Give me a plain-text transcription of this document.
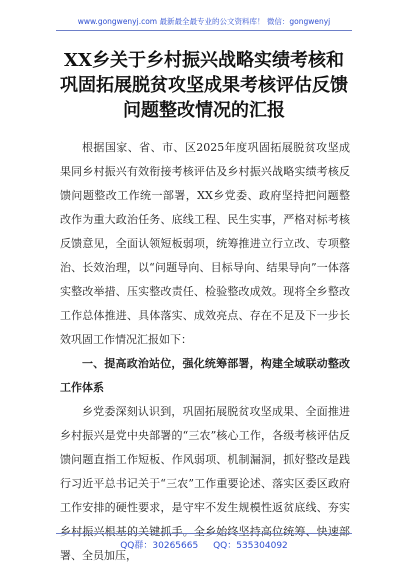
www.gongwenyj.com 最新最全最专业的公文资料库！ 微信：gongwenyj
XX乡关于乡村振兴战略实绩考核和巩固拓展脱贫攻坚成果考核评估反馈问题整改情况的汇报

根据国家、省、市、区2025年度巩固拓展脱贫攻坚成果同乡村振兴有效衔接考核评估及乡村振兴战略实绩考核反馈问题整改工作统一部署，XX乡党委、政府坚持把问题整改作为重大政治任务、底线工程、民生实事，严格对标考核反馈意见，全面认领短板弱项，统筹推进立行立改、专项整治、长效治理，以“问题导向、目标导向、结果导向”一体落实整改举措、压实整改责任、检验整改成效。现将全乡整改工作总体推进、具体落实、成效亮点、存在不足及下一步长效巩固工作情况汇报如下：

一、提高政治站位，强化统筹部署，构建全域联动整改工作体系

乡党委深刻认识到，巩固拓展脱贫攻坚成果、全面推进乡村振兴是党中央部署的“三农”核心工作，各级考核评估反馈问题直指工作短板、作风弱项、机制漏洞，抓好整改是践行习近平总书记关于“三农”工作重要论述、落实区委区政府工作安排的硬性要求，是守牢不发生规模性返贫底线、夯实乡村振兴根基的关键抓手。全乡始终坚持高位统筹、快速部署、全员加压，

QQ群：30265665 QQ：535304092
